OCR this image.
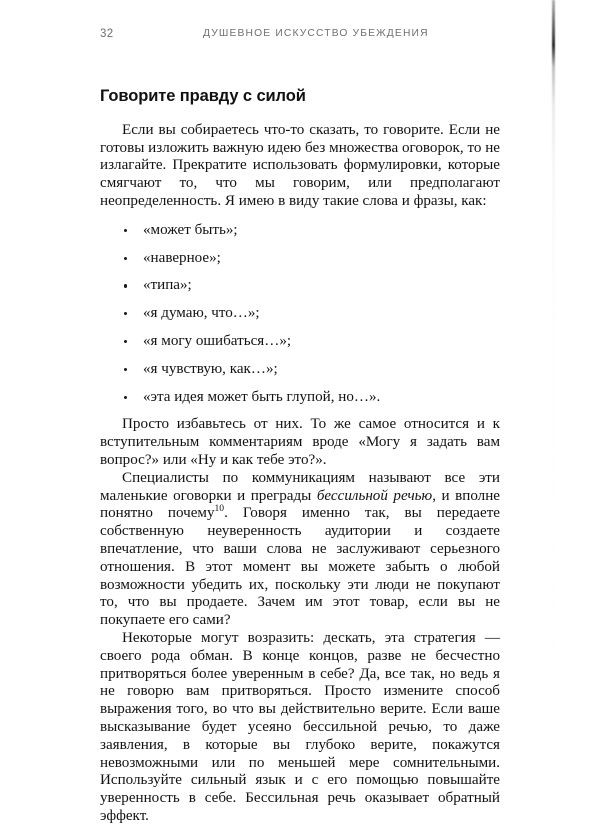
32	ДУШЕВНОЕ ИСКУССТВО УБЕЖДЕНИЯ
Говорите правду с силой

Если вы собираетесь что-то сказать, то говорите. Если не готовы изложить важную идею без множества оговорок, то не излагайте. Прекратите использовать формулировки, которые смягчают то, что мы говорим, или предполагают неопределенность. Я имею в виду такие слова и фразы, как:

«может быть»;
«наверное»;
«типа»;
«я думаю, что…»;
«я могу ошибаться…»;
«я чувствую, как…»;
«эта идея может быть глупой, но…».

Просто избавьтесь от них. То же самое относится и к вступительным комментариям вроде «Могу я задать вам вопрос?» или «Ну и как тебе это?».

Специалисты по коммуникациям называют все эти маленькие оговорки и преграды бессильной речью, и вполне понятно почему$^{10}$. Говоря именно так, вы передаете собственную неуверенность аудитории и создаете впечатление, что ваши слова не заслуживают серьезного отношения. В этот момент вы можете забыть о любой возможности убедить их, поскольку эти люди не покупают то, что вы продаете. Зачем им этот товар, если вы не покупаете его сами?

Некоторые могут возразить: дескать, эта стратегия — своего рода обман. В конце концов, разве не бесчестно притворяться более уверенным в себе? Да, все так, но ведь я не говорю вам притворяться. Просто измените способ выражения того, во что вы действительно верите. Если ваше высказывание будет усеяно бессильной речью, то даже заявления, в которые вы глубоко верите, покажутся невозможными или по меньшей мере сомнительными. Используйте сильный язык и с его помощью повышайте уверенность в себе. Бессильная речь оказывает обратный эффект.
